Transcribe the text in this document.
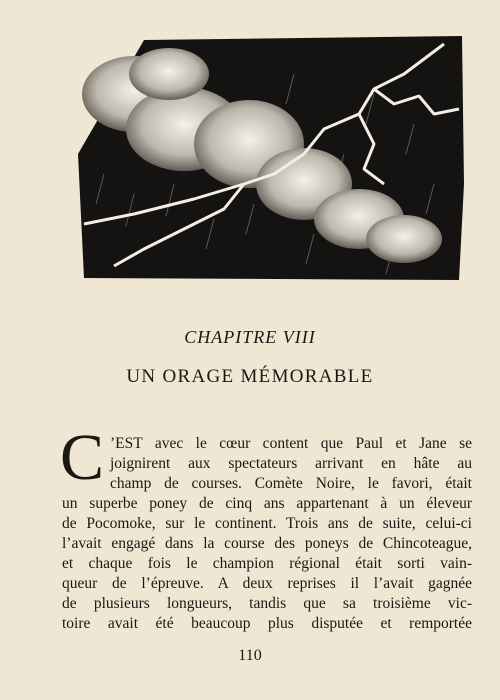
CHAPITRE VIII
UN ORAGE MÉMORABLE
C ’EST avec le cœur content que Paul et Jane se
joignirent aux spectateurs arrivant en hâte au
champ de courses. Comète Noire, le favori, était
un superbe poney de cinq ans appartenant à un éleveur
de Pocomoke, sur le continent. Trois ans de suite, celui-ci
l’avait engagé dans la course des poneys de Chincoteague,
et chaque fois le champion régional était sorti vain-
queur de l’épreuve. A deux reprises il l’avait gagnée
de plusieurs longueurs, tandis que sa troisième vic-
toire avait été beaucoup plus disputée et remportée
110
